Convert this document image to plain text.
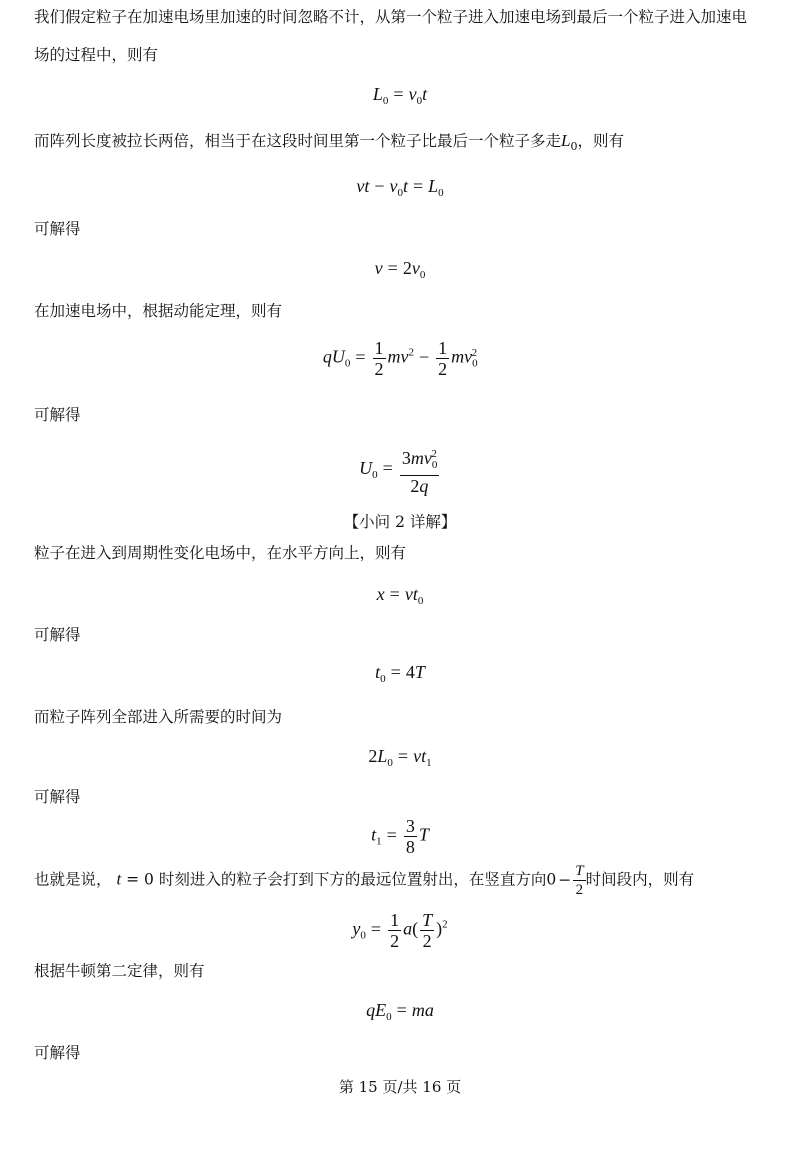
我们假定粒子在加速电场里加速的时间忽略不计，从第一个粒子进入加速电场到最后一个粒子进入加速电
场的过程中，则有
$L_0 = v_0t$
而阵列长度被拉长两倍，相当于在这段时间里第一个粒子比最后一个粒子多走$L_0$，则有
vt − $v_0t = L_0$
可解得
$v = 2v_0$
在加速电场中，根据动能定理，则有
$qU_0 = \frac{1}{2} mv^2 - \frac{1}{2} mv_0^2$
可解得
$U_0 = \frac{3mv_0^2}{2q}$
【小问 2 详解】
粒子在进入到周期性变化电场中，在水平方向上，则有
$x = vt_0$
可解得
$t_0 = 4T$
而粒子阵列全部进入所需要的时间为
$2L_0 = vt_1$
可解得
$t_1 = \frac{3}{8}$ T
也就是说， t = 0 时刻进入的粒子会打到下方的最远位置射出，在竖直方向$0 - \frac{T}{2}$ 时间段内，则有
$y_0 = \frac{1}{2} a( \frac{T}{2} )^2$
根据牛顿第二定律，则有
$qE_0$ = ma
可解得
第 15 页/共 16 页
